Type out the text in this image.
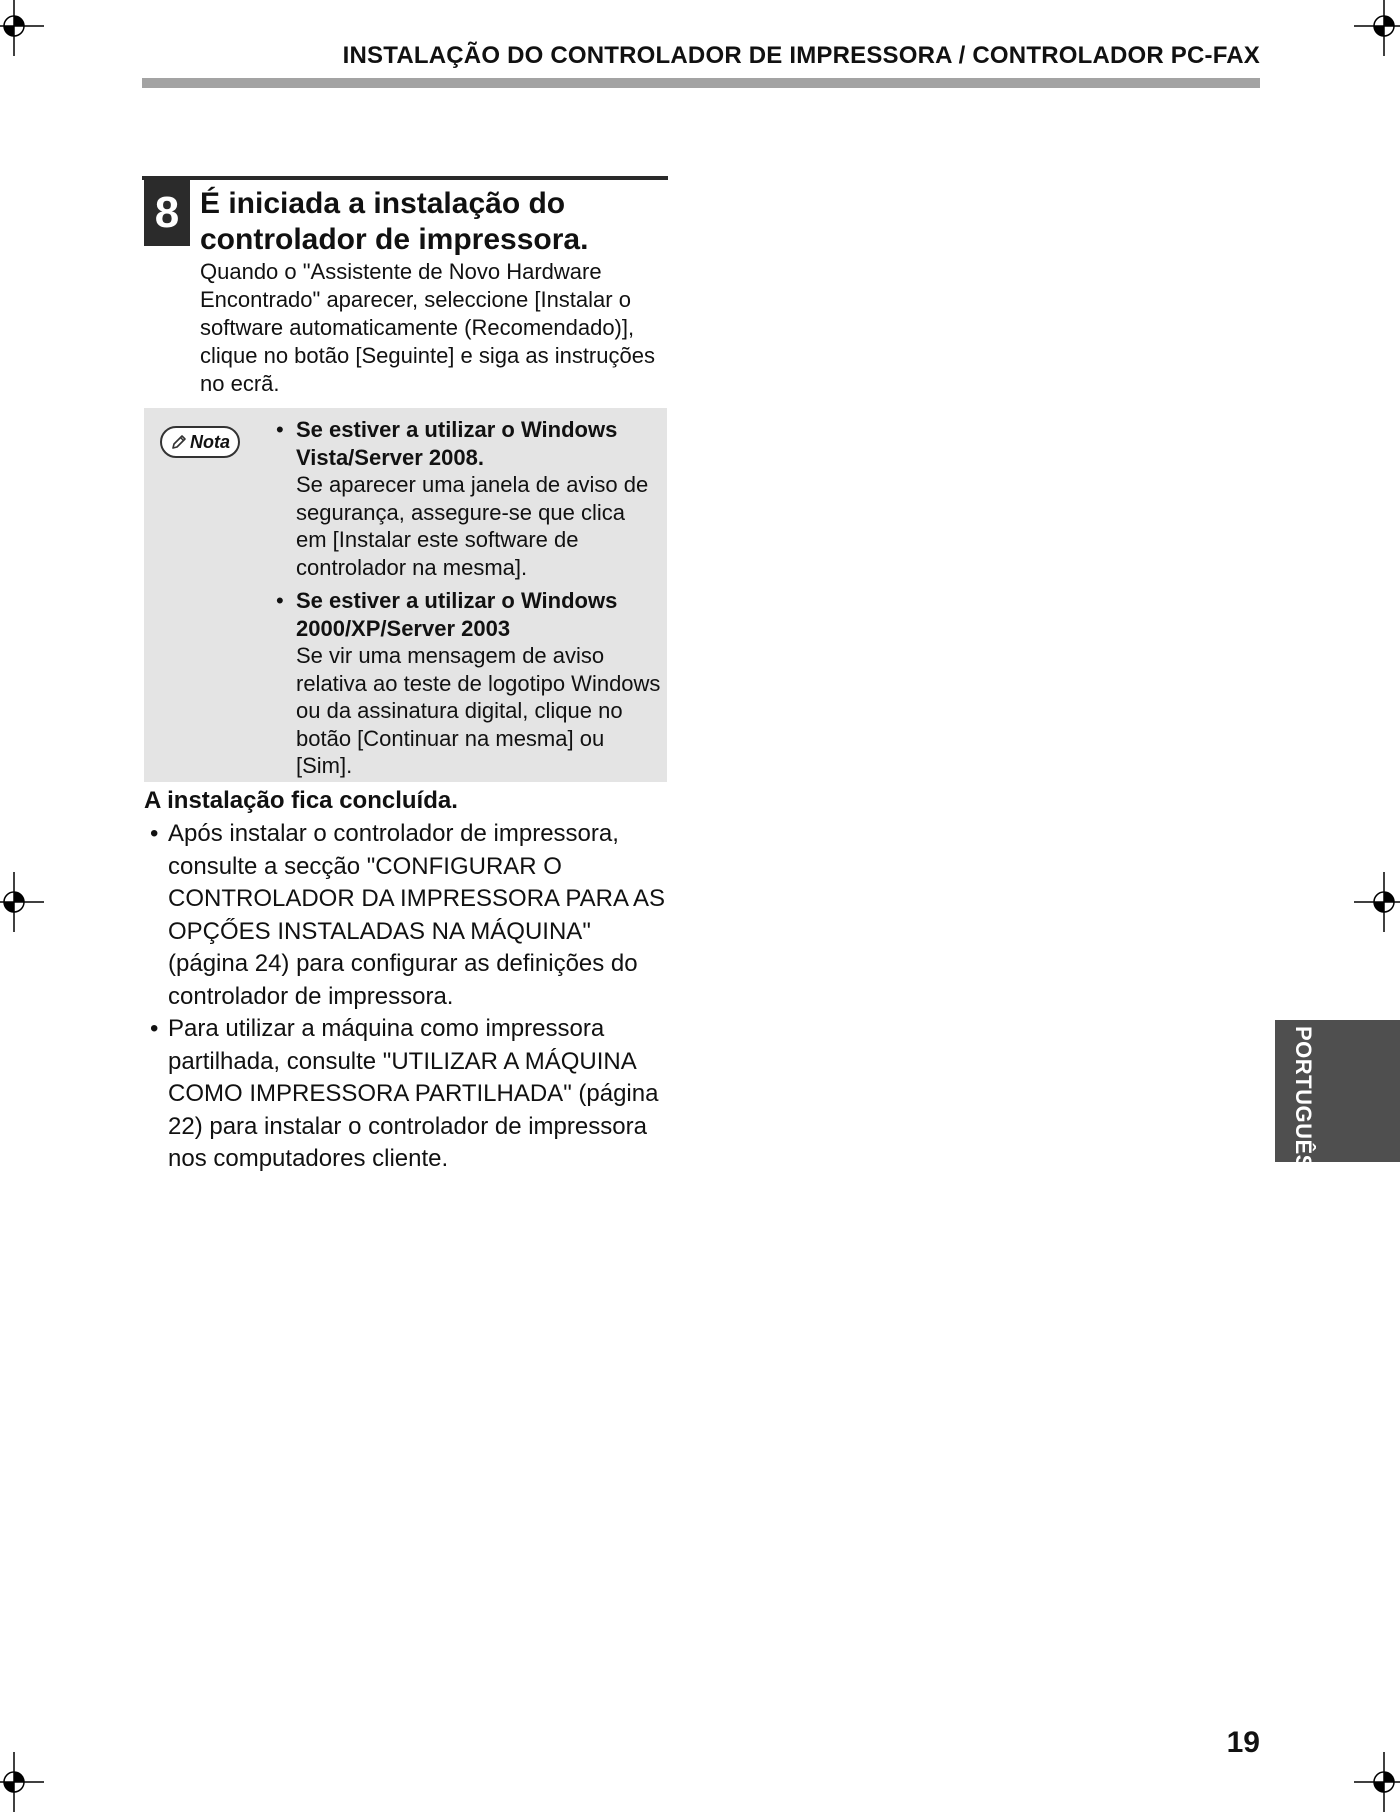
INSTALAÇÃO DO CONTROLADOR DE IMPRESSORA / CONTROLADOR PC-FAX
8 É iniciada a instalação do controlador de impressora.

Quando o "Assistente de Novo Hardware Encontrado" aparecer, seleccione [Instalar o software automaticamente (Recomendado)], clique no botão [Seguinte] e siga as instruções no ecrã.

Nota • Se estiver a utilizar o Windows Vista/Server 2008.
Se aparecer uma janela de aviso de segurança, assegure-se que clica em [Instalar este software de controlador na mesma].
• Se estiver a utilizar o Windows 2000/XP/Server 2003
Se vir uma mensagem de aviso relativa ao teste de logotipo Windows ou da assinatura digital, clique no botão [Continuar na mesma] ou [Sim].
A instalação fica concluída.
• Após instalar o controlador de impressora, consulte a secção "CONFIGURAR O CONTROLADOR DA IMPRESSORA PARA AS OPÇŐES INSTALADAS NA MÁQUINA" (página 24) para configurar as definições do controlador de impressora.
• Para utilizar a máquina como impressora partilhada, consulte "UTILIZAR A MÁQUINA COMO IMPRESSORA PARTILHADA" (página 22) para instalar o controlador de impressora nos computadores cliente.	PORTUGUÊS
19
